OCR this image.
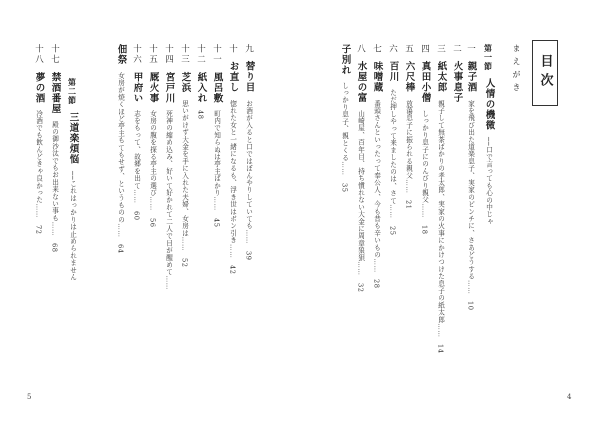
目次
まえがき
第一節 人情の機微 ──口で言っても心の中じゃ
一 親子酒 家を飛び出た道楽息子、実家のピンチに、さあどうする…… 10
二 火事息子
三 紙太郎 親子して無茶ばかりの孝太郎、実家の火事にかけつけた息子の紙太郎…… 14
四 真田小僧 しっかり息子にのんびり親父…… 18
五 六尺棒 放蕩息子に振られる親父…… 21
六 百川 ただ押しやって来ましたのは、さて…… 25
七 味噌蔵 番頭さんといったって奉公人、今も昔も辛いもの…… 28
八 水屋の富 山崎屋、百年目、持ち慣れない大金に周章狼狽…… 32
子別れ しっかり息子、親とくる…… 35
九 替り目 お酒が入ると口ではぼんやりしていても…… 39
十 お直し 惚れた女と一緒になるも、浮き世はボン引き…… 42
十一 風呂敷 町内で知らぬは亭主ばかり…… 45
十二 紙入れ 48
十三 芝浜 思いがけず大金を手に入れた夫婦、女房は…… 52
十四 宮戸川 死神の縮め込み、好いて好かれて二人で目が醒めて……
十五 厩火事 女房の腹を探る亭主の選び…… 56
十六 甲府い 志をもって、故郷を出て…… 60
佃祭 女房が焼くほど亭主もてもせず、というものの…… 64
第二節 三道楽煩悩 ──これはっかりは止められません
十七 禁酒番屋 殿の御沙汰でもお出来ない事も…… 68
十八 夢の酒 冷酒でも飲んどきゃ良かった…… 72
5	4
